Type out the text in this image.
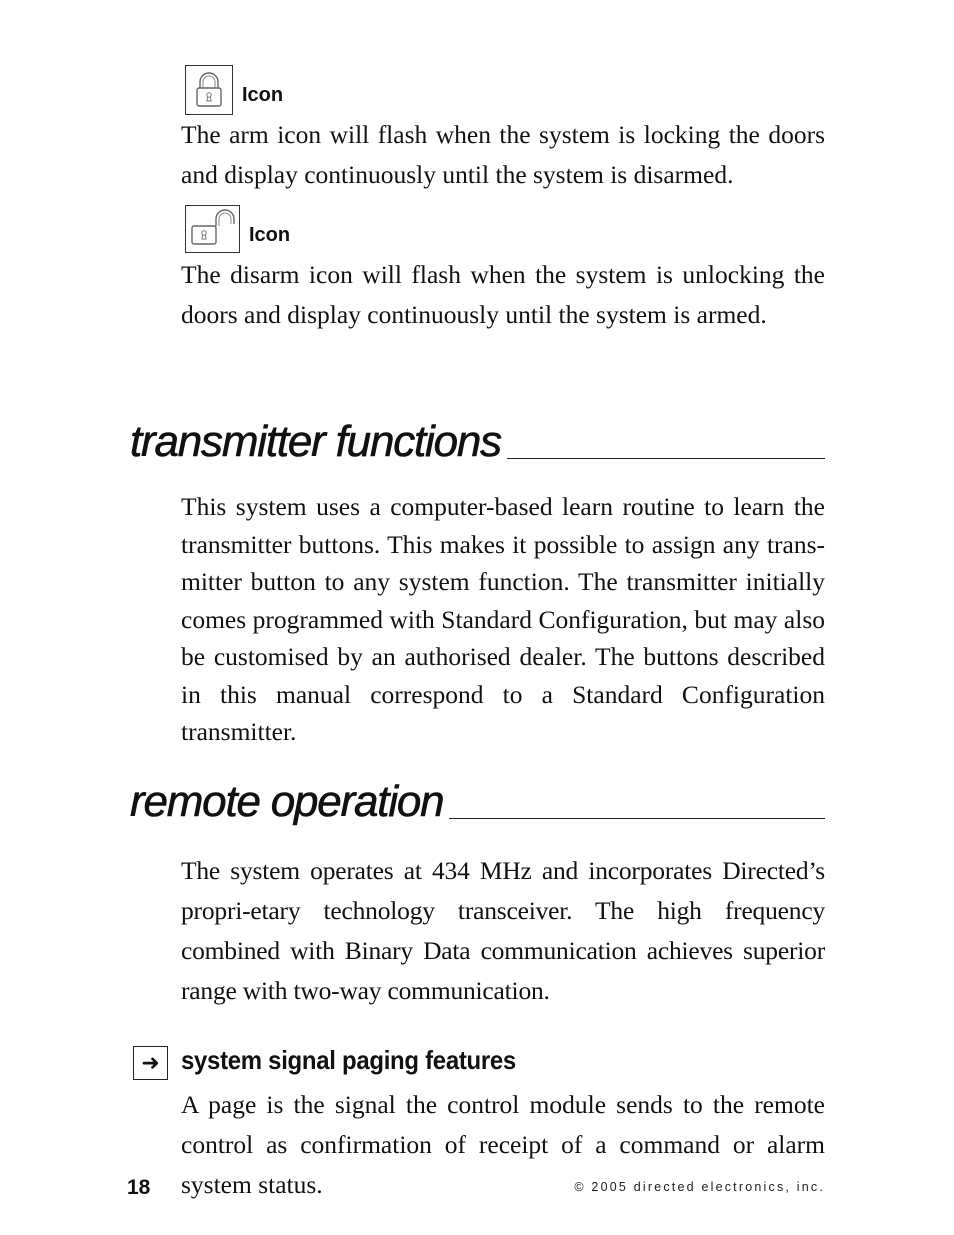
Icon

The arm icon will flash when the system is locking the doors and display continuously until the system is disarmed.

Icon

The disarm icon will flash when the system is unlocking the doors and display continuously until the system is armed.

transmitter functions

This system uses a computer-based learn routine to learn the transmitter buttons. This makes it possible to assign any trans-mitter button to any system function. The transmitter initially comes programmed with Standard Configuration, but may also be customised by an authorised dealer. The buttons described in this manual correspond to a Standard Configuration transmitter.

remote operation

The system operates at 434 MHz and incorporates Directed’s propri-etary technology transceiver. The high frequency combined with Binary Data communication achieves superior range with two-way communication.

➜ system signal paging features

A page is the signal the control module sends to the remote control as confirmation of receipt of a command or alarm system status.

18	© 2005 directed electronics, inc.
